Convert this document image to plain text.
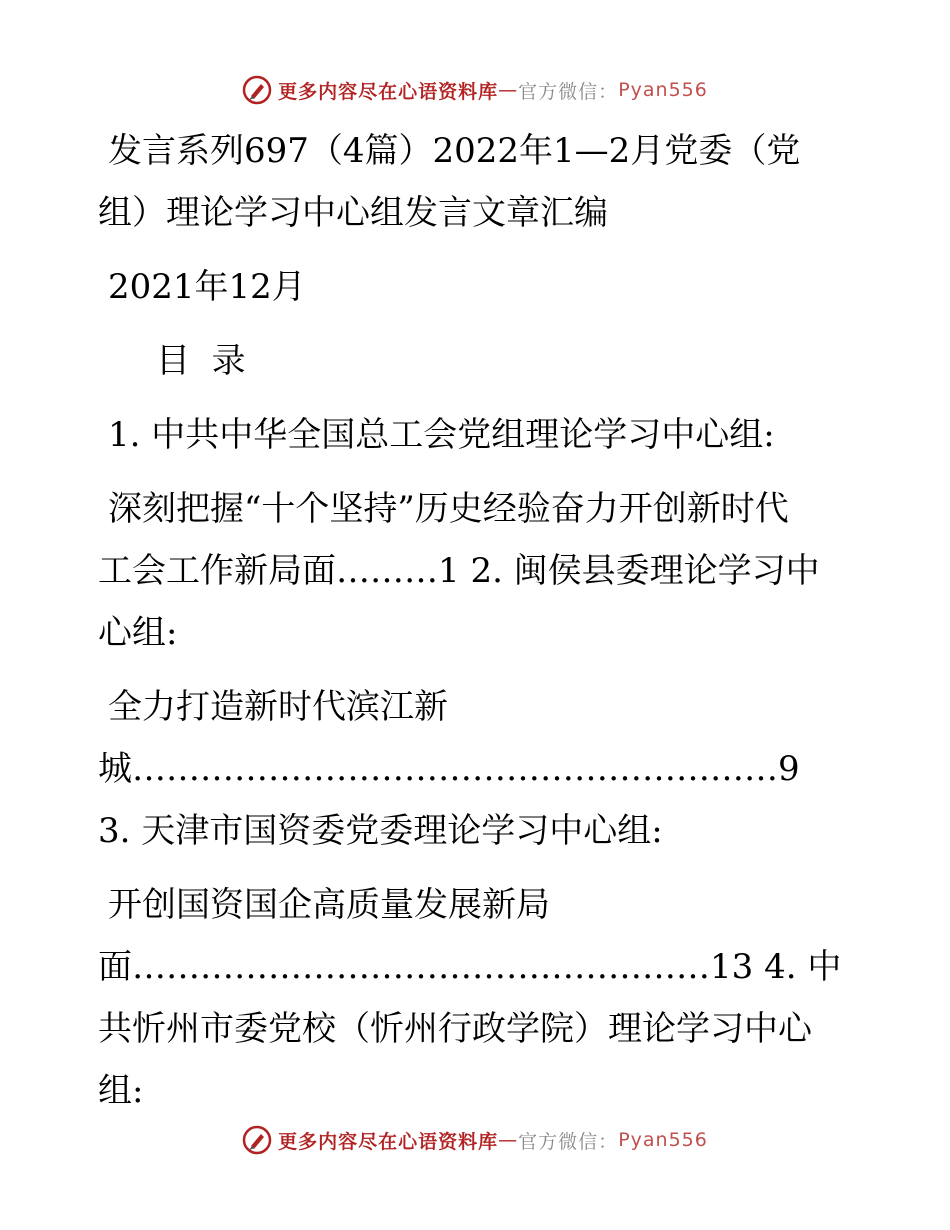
更多内容尽在心语资料库 — 官方微信： Pyan556
发言系列697（4篇）2022年1—2月党委（党
组）理论学习中心组发言文章汇编
2021年12月
目  录
1. 中共中华全国总工会党组理论学习中心组:
深刻把握“十个坚持”历史经验奋力开创新时代
工会工作新局面………1 2. 闽侯县委理论学习中
心组:
全力打造新时代滨江新
城…………………………………………………9
3. 天津市国资委党委理论学习中心组:
开创国资国企高质量发展新局
面……………………………………………13 4. 中
共忻州市委党校（忻州行政学院）理论学习中心
组:
更多内容尽在心语资料库 — 官方微信： Pyan556
